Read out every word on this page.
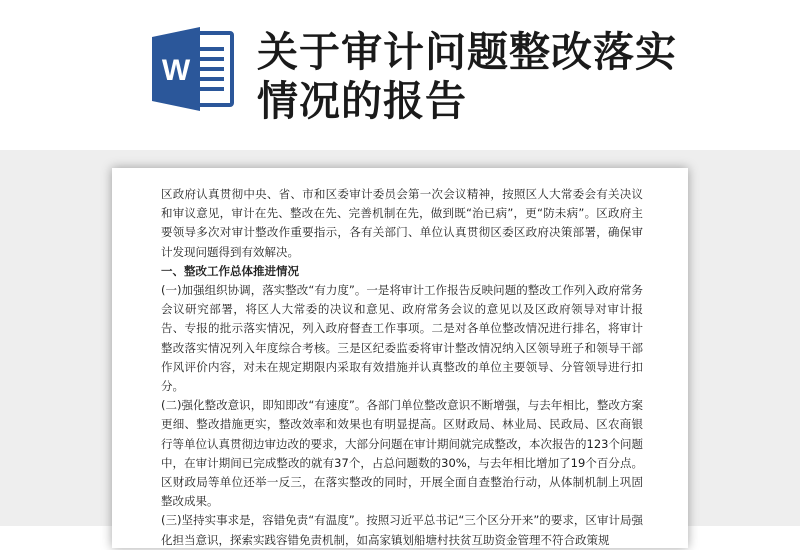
W 关于审计问题整改落实情况的报告

区政府认真贯彻中央、省、市和区委审计委员会第一次会议精神，按照区人大常委会有关决议和审议意见，审计在先、整改在先、完善机制在先，做到既“治已病”，更“防未病”。区政府主要领导多次对审计整改作重要指示，各有关部门、单位认真贯彻区委区政府决策部署，确保审计发现问题得到有效解决。

一、整改工作总体推进情况

(一)加强组织协调，落实整改“有力度”。一是将审计工作报告反映问题的整改工作列入政府常务会议研究部署，将区人大常委的决议和意见、政府常务会议的意见以及区政府领导对审计报告、专报的批示落实情况，列入政府督查工作事项。二是对各单位整改情况进行排名，将审计整改落实情况列入年度综合考核。三是区纪委监委将审计整改情况纳入区领导班子和领导干部作风评价内容，对未在规定期限内采取有效措施并认真整改的单位主要领导、分管领导进行扣分。

(二)强化整改意识，即知即改“有速度”。各部门单位整改意识不断增强，与去年相比，整改方案更细、整改措施更实，整改效率和效果也有明显提高。区财政局、林业局、民政局、区农商银行等单位认真贯彻边审边改的要求，大部分问题在审计期间就完成整改，本次报告的123个问题中，在审计期间已完成整改的就有37个，占总问题数的30%，与去年相比增加了19个百分点。区财政局等单位还举一反三，在落实整改的同时，开展全面自查整治行动，从体制机制上巩固整改成果。

(三)坚持实事求是，容错免责“有温度”。按照习近平总书记“三个区分开来”的要求，区审计局强化担当意识，探索实践容错免责机制，如高家镇划船塘村扶贫互助资金管理不符合政策规
